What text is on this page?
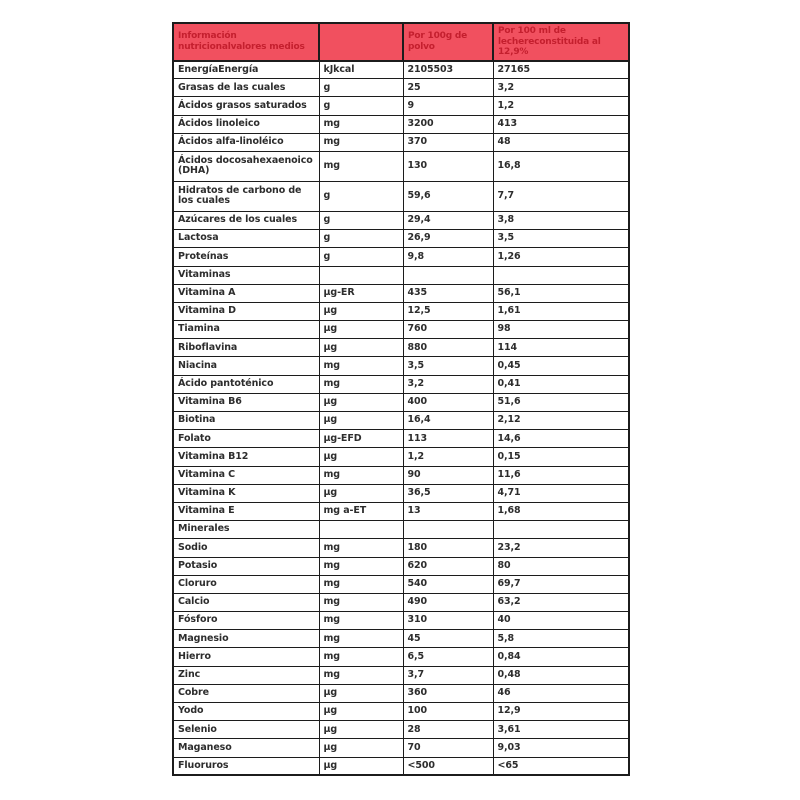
Información nutricionalvalores medios		Por 100g de polvo	Por 100 ml de lechereconstituida al 12,9%
EnergíaEnergía	kJkcal	2105503	27165
Grasas de las cuales	g	25	3,2
Ácidos grasos saturados	g	9	1,2
Ácidos linoleico	mg	3200	413
Ácidos alfa-linoléico	mg	370	48
Ácidos docosahexaenoico (DHA)	mg	130	16,8
Hidratos de carbono de los cuales	g	59,6	7,7
Azúcares de los cuales	g	29,4	3,8
Lactosa	g	26,9	3,5
Proteínas	g	9,8	1,26
Vitaminas			
Vitamina A	µg-ER	435	56,1
Vitamina D	µg	12,5	1,61
Tiamina	µg	760	98
Riboflavina	µg	880	114
Niacina	mg	3,5	0,45
Ácido pantoténico	mg	3,2	0,41
Vitamina B6	µg	400	51,6
Biotina	µg	16,4	2,12
Folato	µg-EFD	113	14,6
Vitamina B12	µg	1,2	0,15
Vitamina C	mg	90	11,6
Vitamina K	µg	36,5	4,71
Vitamina E	mg a-ET	13	1,68
Minerales			
Sodio	mg	180	23,2
Potasio	mg	620	80
Cloruro	mg	540	69,7
Calcio	mg	490	63,2
Fósforo	mg	310	40
Magnesio	mg	45	5,8
Hierro	mg	6,5	0,84
Zinc	mg	3,7	0,48
Cobre	µg	360	46
Yodo	µg	100	12,9
Selenio	µg	28	3,61
Maganeso	µg	70	9,03
Fluoruros	µg	<500	<65
